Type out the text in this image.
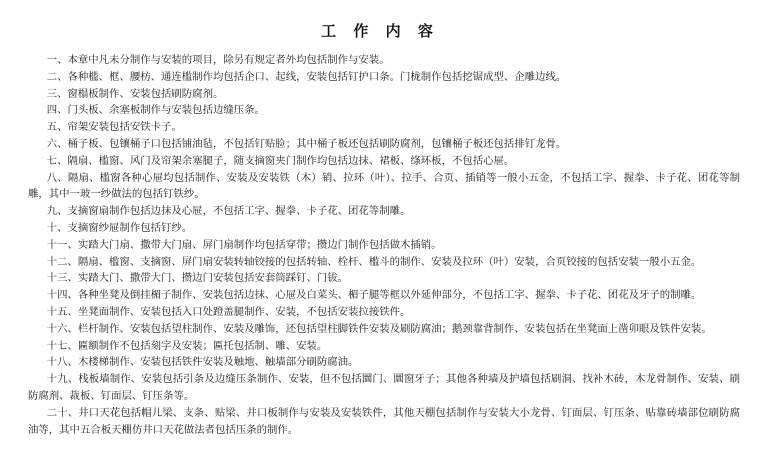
工 作 内 容

一、本章中凡未分制作与安装的项目，除另有规定者外均包括制作与安装。

二、各种槛、框、腰枋、通连槛制作均包括企口、起线，安装包括钉护口条。门栊制作包括挖锯成型、企雕边线。

三、窗榻板制作、安装包括刷防腐剂。

四、门头板、余塞板制作与安装包括边缝压条。

五、帘架安装包括安铁卡子。

六、桶子板、包镶桶子口包括铺油毡，不包括钉贴脸；其中桶子板还包括刷防腐剂，包镶桶子板还包括排钉龙骨。

七、隔扇、槛窗、风门及帘架余塞腿子，随支摘窗夹门制作均包括边抹、裙板、绦环板，不包括心屉。

八、隔扇、槛窗各种心屉均包括制作、安装及安装铁（木）销、拉环（叶）、拉手、合页、插销等一般小五金，不包括工字、握拳、卡子花、团花等制雕，其中一玻一纱做法的包括钉铁纱。

九、支摘窗扇制作包括边抹及心屉，不包括工字、握拳、卡子花、团花等制雕。

十、支摘窗纱屉制作包括钉纱。

十一、实踏大门扇、撒带大门扇、屏门扇制作均包括穿带；攒边门制作包括做木插销。

十二、隔扇、槛窗、支摘窗、屏门扇安装转轴铰接的包括转轴、栓杆、槛斗的制作、安装及拉环（叶）安装，合页铰接的包括安装一般小五金。

十三、实踏大门、撒带大门、攒边门安装包括安套筒踩钉、门钹。

十四、各种坐凳及倒挂楣子制作、安装包括边抹、心屉及白菜头、楣子腿等框以外延伸部分，不包括工字、握拳、卡子花、团花及牙子的制雕。

十五、坐凳面制作、安装包括入口处蹬盖腿制作、安装，不包括安装拉接铁件。

十六、栏杆制作、安装包括望柱制作、安装及雕饰，还包括望柱脚铁件安装及刷防腐油；鹅颈靠背制作、安装包括在坐凳面上凿卯眼及铁件安装。

十七、匾额制作不包括刻字及安装；匾托包括制、雕、安装。

十八、木楼梯制作、安装包括铁件安装及触地、触墙部分刷防腐油。

十九、栈板墙制作、安装包括引条及边缝压条制作、安装，但不包括圜门、圜窗牙子；其他各种墙及护墙包括刷洞、找补木砖，木龙骨制作、安装、刷防腐剂、裁板、钉面层、钉压条等。

二十、井口天花包括帽儿梁、支条、贴梁、井口板制作与安装及安装铁件，其他天棚包括制作与安装大小龙骨、钉面层、钉压条、贴靠砖墙部位刷防腐油等，其中五合板天棚仿井口天花做法者包括压条的制作。
